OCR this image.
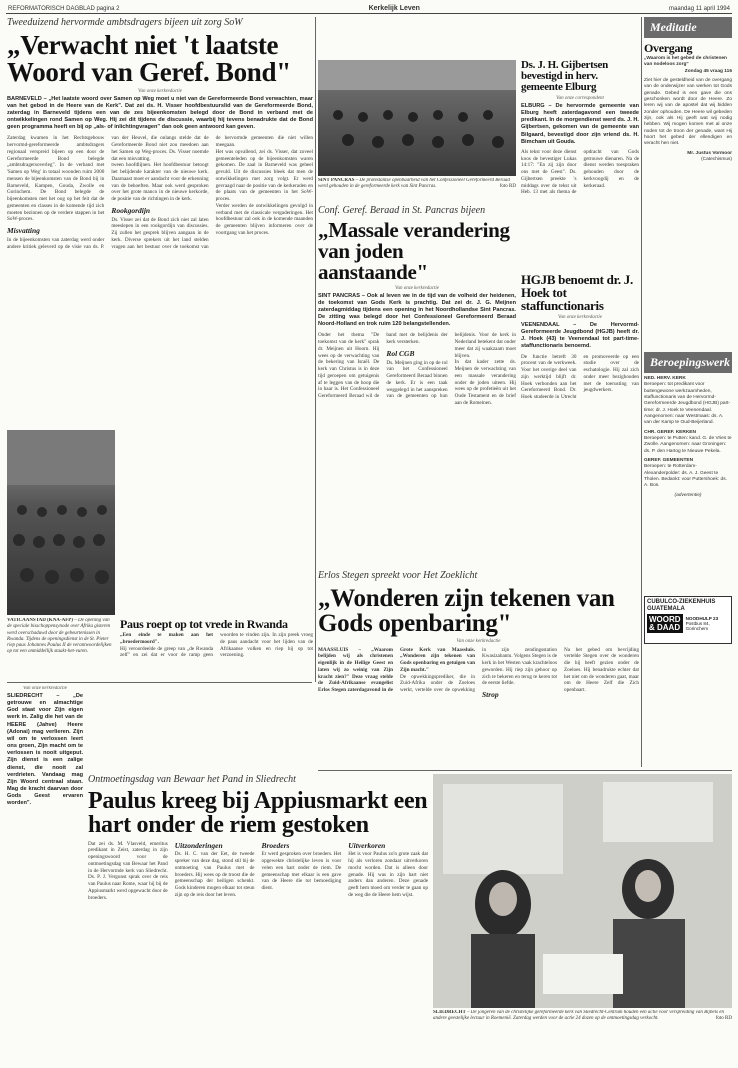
REFORMATORISCH DAGBLAD pagina 2	Kerkelijk Leven	maandag 11 april 1994
Tweeduizend hervormde ambtsdragers bijeen uit zorg SoW
„Verwacht niet 't laatste Woord van Geref. Bond"
Van onze kerkredactie
BARNEVELD – „Het laatste woord over Samen op Weg moet u niet van de Gereformeerde Bond verwachten, maar van het gebod in de Heere van de Kerk". Dat zei ds. H. Visser hoofdbestuurslid van de Gereformeerde Bond, zaterdag in Barneveld tijdens een van de zes bijeenkomsten belegd door de Bond in verband met de ontwikkelingen rond Samen op Weg. Hij zei dit tijdens de discussie, waarbij hij tevens benadrukte dat de Bond geen programma heeft en bij op „als- of inlichtingvragen" dan ook geen antwoord kan geven.

Zaterdag kwamen in het Rechtsgebouw hervormd-gereformeerde ambtsdragers regionaal verspreid bijeen op een door de Gereformeerde Bond belegde „ambtsdragersoverleg". In de verband met 'Samen op Weg' in totaal woonden ruim 2000 mensen de bijeenkomsten van de Bond bij in Barneveld, Kampen, Gouda, Zwolle en Gorinchem. De Bond belegde de bijeenkomsten met het oog op het feit dat de gemeenten en classes in de komende tijd zich moeten bezinnen op de verdere stappen in het SoW-proces.

Misvatting

In de bijeenkomsten van zaterdag werd onder andere kritiek geleverd op de visie van ds. P. van der Heuvel, die onlangs stelde dat de Gereformeerde Bond niet zou meedoen aan het Samen op Weg-proces. Ds. Visser noemde dat een misvatting.

tween hoofdlijnen. Het hoofdbestuur betoogt het belijdende karakter van de nieuwe kerk. Daarnaast moet er aandacht voor de erkenning van de behoeften. Maar ook werd gesproken over het grote manco in de nieuwe kerkorde, de positie van de richtingen in de kerk.

Rookgordijn

Ds. Visser zei dat de Bond zich niet zal laten meeslepen in een rookgordijn van discussies. Zij zullen het gesprek blijven aangaan in de kerk. Diverse sprekers uit het land stelden vragen aan het bestuur over de toekomst van de hervormde gemeenten die niet willen meegaan.

Het was opvallend, zei ds. Visser, dat zoveel gemeenteleden op de bijeenkomsten waren gekomen. De zaal in Barneveld was geheel gevuld. Uit de discussies bleek dat men de ontwikkelingen met zorg volgt. Er werd gevraagd naar de positie van de kerkeraden en de plaats van de gemeenten in het SoW-proces.

Verder werden de ontwikkelingen gevolgd in verband met de classicale vergaderingen. Het hoofdbestuur zal ook in de komende maanden de gemeenten blijven informeren over de voortgang van het proces.

VATICAANSTAD (KNA-AFP) – De opening van de speciale bisschoppensynode over Afrika gisteren werd overschaduwd door de gebeurtenissen in Rwanda. Tijdens de openingsdienst in de St. Pieter riep paus Johannes Paulus II de verantwoordelijken op tot een onmiddellijk staakt-het-vuren.
Paus roept op tot vrede in Rwanda

„Een einde te maken aan het „broedermoord".

Hij veroordeelde de greep van „de Rwanda zelf" en zei dat er voor de ramp geen woorden te vinden zijn. In zijn preek vroeg de paus aandacht voor het lijden van de Afrikaanse volken en riep hij op tot verzoening.

SINT PANCRAS – De protestantse openbaarheid van het Confessioneel Gereformeerd Beraad werd gehouden in de gereformeerde kerk van Sint Pancras.	foto RD
Conf. Geref. Beraad in St. Pancras bijeen
„Massale verandering van joden aanstaande"
Van onze kerkredactie
SINT PANCRAS – Ook al leven we in de tijd van de volheid der heidenen, de toekomst van Gods Kerk is prachtig. Dat zei dr. J. G. Meijnen zaterdagmiddag tijdens een opening in het Noordhollandse Sint Pancras. De zitting was belegd door het Confessioneel Gereformeerd Beraad Noord-Holland en trok ruim 120 belangstellenden.

Onder het thema "De toekomst van de kerk" sprak dr. Meijnen uit Hoorn. Hij wees op de verwachting van de bekering van Israël. De kerk van Christus is in deze tijd geroepen om getuigenis af te leggen van de hoop die in haar is. Het Confessioneel Gereformeerd Beraad wil de band met de belijdenis der kerk versterken.

Rol CGB

Ds. Meijnen ging in op de rol van het Confessioneel Gereformeerd Beraad binnen de kerk. Er is een taak weggelegd in het aanspreken van de gemeenten op hun belijdenis. Voor de kerk in Nederland betekent dat onder meer dat zij waakzaam moet blijven.

In dat kader zette ds. Meijnen de verwachting van een massale verandering onder de joden uiteen. Hij wees op de profetieën uit het Oude Testament en de brief aan de Romeinen.

Ds. J. H. Gijbertsen bevestigd in herv. gemeente Elburg
Van onze correspondent
ELBURG – De hervormde gemeente van Elburg heeft zaterdagavond een tweede predikant. In de morgendienst werd ds. J. H. Gijbertsen, gekomen van de gemeente van Bilgaard, bevestigd door zijn vriend ds. H. Bimcham uit Gouda.

Als tekst voor deze dienst koos de bevestiger Lukas 14:17: "En zij zijn door ons met de Geest". Ds. Gijbertsen preekte 's middags over de tekst uit Heb. 13 met als thema de opdracht van Gods getrouwe dienaren. Na de dienst werden toespraken gehouden door de kerkvoogdij en de kerkeraad.

HGJB benoemt dr. J. Hoek tot staffunctionaris
Van onze kerkredactie
VEENENDAAL – De Hervormd-Gereformeerde Jeugdbond (HGJB) heeft dr. J. Hoek (43) te Veenendaal tot part-time-staffunctionaris benoemd.

De functie betreft 30 procent van de werkweek. Voor het overige deel van zijn werktijd blijft dr. Hoek verbonden aan het Gereformeerd Bond. Dr. Hoek studeerde in Utrecht en promoveerde op een studie over de eschatologie. Hij zal zich onder meer bezighouden met de toerusting van jeugdwerkers.

Meditatie
Overgang
„Waarom is het gebed de christenen van nodeloos zorg"
Zondag 45 vraag 116
Ziet hier de gesteldheid van de overgang van de onderwijzer van werken tot Gods genade. Gebed is een gave die ons geschonken wordt door de Heere. Zo leren wij van de apostel dat wij bidden zonder ophouden. De Heere wil gebeden zijn, ook als Hij geeft wat wij nodig hebben. Wij mogen komen met al onze noden tot de troon der genade, want Hij hoort het gebed der ellendigen en veracht hen niet.
Mr. Justus Vormoor
(Catechismus)
Beroepingswerk
NED. HERV. KERK
Beroepen: tot predikant voor buitengewone werkzaamheden, staffunctionaris van de Hervormd-Gereformeerde Jeugdbond (HGJB) part-time: dr. J. Hoek te Veenendaal. Aangenomen: naar Westmaas: ds. A. van der Kamp te Oud-Beijerland.
CHR. GEREF. KERKEN
Beroepen: te Putten: kand. G. de Vries te Zwolle. Aangenomen: naar Groningen: ds. P. den Hartog te Nieuwe Pekela.
GEREF. GEMEENTEN
Beroepen: te Rotterdam-Alexanderpolder: ds. A. J. Geest te Tholen. Bedankt: voor Puttershoek: ds. A. Bos.
(advertentie)
CUBULCO-ZIEKENHUIS GUATEMALA
WOORD & DAAD
NOODHULP 23
Postbus 84, Gorinchem
Erlos Stegen spreekt voor Het Zoeklicht
„Wonderen zijn tekenen van Gods openbaring"
Van onze kerkredactie

MAASSLUIS – „Waarom belijden wij als christenen eigenlijk in de Heilige Geest en laten wij zo weinig van Zijn kracht zien?" Deze vraag stelde de Zuid-Afrikaanse evangelist Erlos Stegen zaterdagavond in de Grote Kerk van Maassluis. „Wonderen zijn tekenen van Gods openbaring en getuigen van Zijn macht."

De opwekkingsprediker, die in Zuid-Afrika onder de Zoeloes werkt, vertelde over de opwekking in zijn zendingsstation Kwasizabantu. Volgens Stegen is de kerk in het Westen vaak krachteloos geworden. Hij riep zijn gehoor op zich te bekeren en terug te keren tot de eerste liefde.

Strop

Na het gebed om bevrijding vertelde Stegen over de wonderen die hij heeft gezien onder de Zoeloes. Hij benadrukte echter dat het niet om de wonderen gaat, maar om de Heere Zelf die Zich openbaart.

Van onze kerkredactie
SLIEDRECHT – „De getrouwe en almachtige God staat voor Zijn eigen werk in. Zalig die het van de HEERE (Jahve) Heere (Adonai) mag verlieren. Zijn wil om te verlossen leert ons groen, Zijn macht om te verlossen is nooit uitgeput. Zijn dienst is een zalige dienst, die nooit zal verdrieten. Vandaag mag Zijn Woord centraal staan. Mag de kracht daarvan door Gods Geest ervaren worden".
Ontmoetingsdag van Bewaar het Pand in Sliedrecht
Paulus kreeg bij Appiusmarkt een hart onder de riem gestoken

Dat zei ds. M. Vlasveld, emeritus predikant in Zeist, zaterdag in zijn openingswoord voor de ontmoetingsdag van Bewaar het Pand in de Hervormde kerk van Sliedrecht. Ds. P. J. Vergunst sprak over de reis van Paulus naar Rome, waar hij bij de Appiusmarkt werd opgewacht door de broeders.

Uitzonderingen

Ds. H. C. van der Eet, de tweede spreker van deze dag, stond stil bij de ontmoeting van Paulus met de broeders. Hij wees op de troost die de gemeenschap der heiligen schenkt. Gods kinderen mogen elkaar tot steun zijn op de reis door het leven.

Broeders

Er werd gesproken over broeders. Het opgewekte christelijke leven is voor velen een hart onder de riem. De gemeenschap met elkaar is een gave van de Heere die tot bemoediging dient.

Uitverkoren

Het is voor Paulus zo'n grote zaak dat hij als verloren zondaar uitverkoren mocht worden. Dat is alleen door genade. Hij was in zijn hart niet anders dan anderen. Deze genade geeft hem moed om verder te gaan op de weg die de Heere hem wijst.

SLIEDRECHT – De jongeren van de christelijke gereformeerde kerk van Sliedrecht-Centrum houden een actie voor verspreiding van Bijbels en andere geestelijke lectuur in Roemenië. Zaterdag werden voor de actie 24 dozen op de ontmoetingsdag verkocht.	foto RD
